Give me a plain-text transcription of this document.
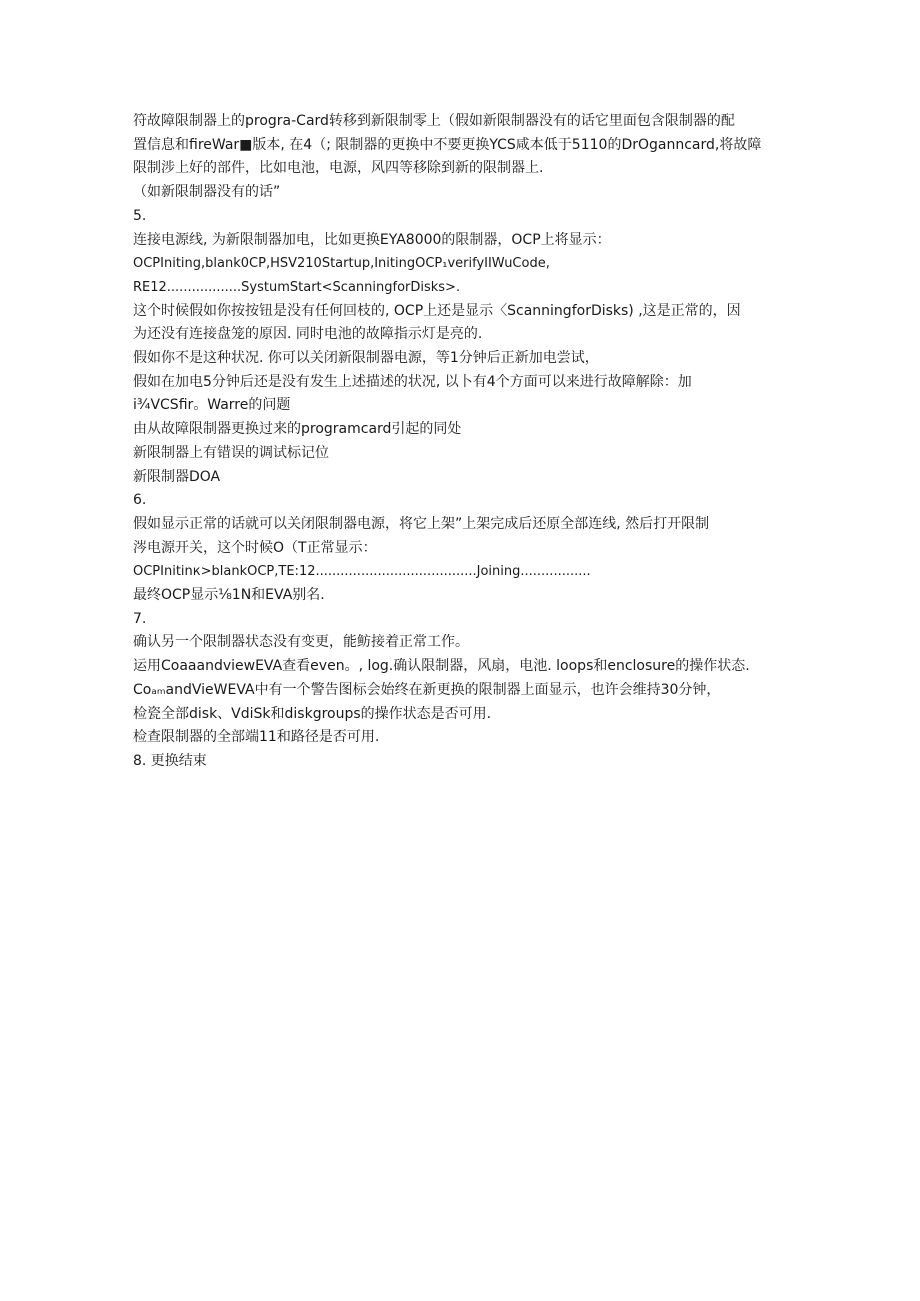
符故障限制器上的progra-Card转移到新限制零上（假如新限制器没有的话它里面包含限制器的配
置信息和fireWar■版本, 在4（; 限制器的更换中不要更换YCS咸本低于5110的DrOganncard,将故障
限制涉上好的部件，比如电池，电源，风四等移除到新的限制器上.
（如新限制器没有的话”
5.
连接电源线, 为新限制器加电，比如更换EYA8000的限制器，OCP上将显示：
OCPIniting,blank0CP,HSV210Startup,InitingOCP₁verifyIIWuCode,
RE12..................SystumStart<ScanningforDisks>.
这个时候假如你按按钮是没有任何回枝的, OCP上还是显示〈ScanningforDisks) ,这是正常的，因
为还没有连接盘笼的原因. 同时电池的故障指示灯是亮的.
假如你不是这种状况. 你可以关闭新限制器电源，等1分钟后正新加电尝试，
假如在加电5分钟后还是没有发生上述描述的状况, 以卜有4个方面可以来进行故障解除：加
i¾VCSfir。Warre的问题
由从故障限制器更换过来的programcard引起的同处
新限制器上有错误的调试标记位
新限制器DOA
6.
假如显示正常的话就可以关闭限制器电源，将它上架”上架完成后还原全部连线, 然后打开限制
涔电源开关，这个时候O（T正常显示：
OCPInitinк>blankOCP,TE:12.......................................Joining.................
最终OCP显示⅛1N和EVA别名.
7.
确认另一个限制器状态没有变更，能鲂接着正常工作。
运用CoaaandviewEVA查看even。, log.确认限制器，风扇，电池. loops和enclosure的操作状态.
CoₐₘandVieWEVA中有一个警告图标会始终在新更换的限制器上面显示，也许会维持30分钟，
检瓷全部disk、VdiSk和diskgroups的操作状态是否可用.
检查限制器的全部端11和路径是否可用.
8. 更换结束
